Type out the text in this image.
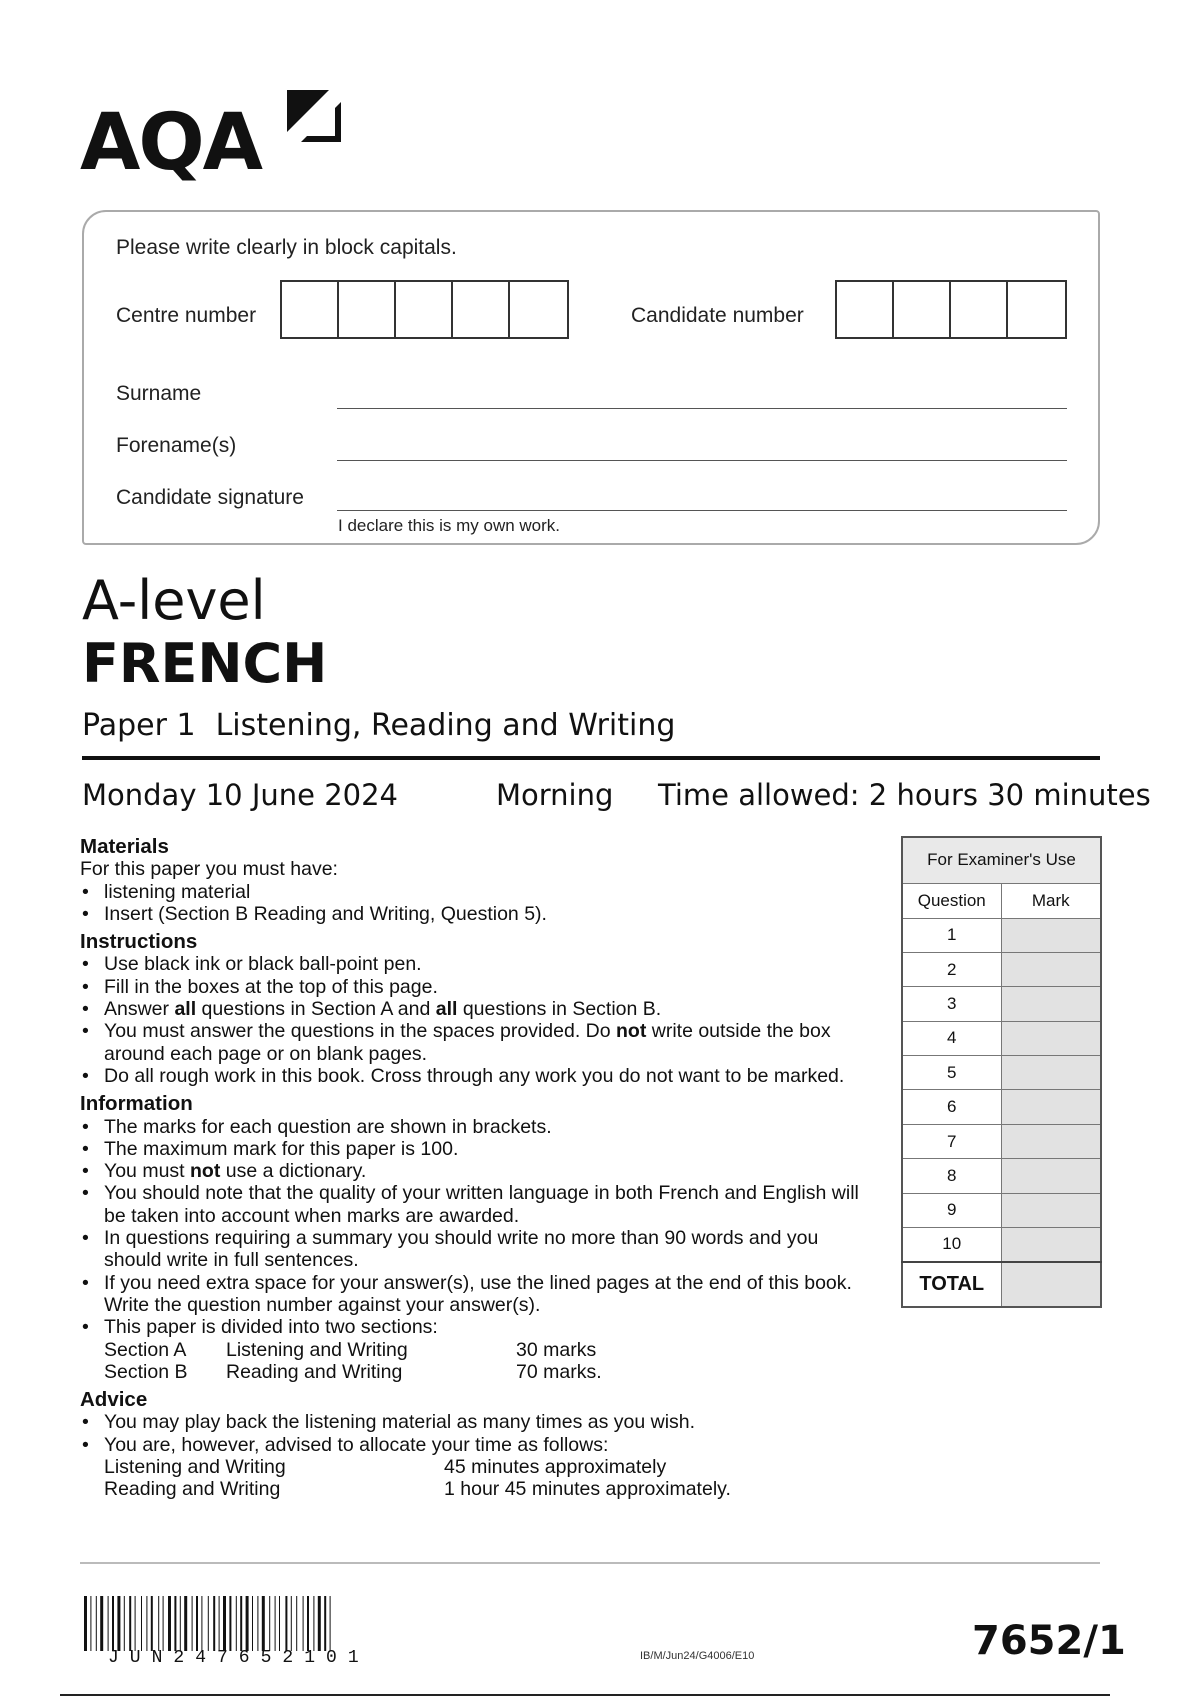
AQA
Please write clearly in block capitals.
Centre number	Candidate number
Surname
Forename(s)
Candidate signature
I declare this is my own work.
A-level
FRENCH
Paper 1 Listening, Reading and Writing
Monday 10 June 2024	Morning Time allowed: 2 hours 30 minutes
Materials
For this paper you must have:
• listening material
• Insert (Section B Reading and Writing, Question 5).
Instructions
• Use black ink or black ball-point pen.
• Fill in the boxes at the top of this page.
• Answer all questions in Section A and all questions in Section B.
• You must answer the questions in the spaces provided. Do not write outside the box around each page or on blank pages.
• Do all rough work in this book. Cross through any work you do not want to be marked.
Information
• The marks for each question are shown in brackets.
• The maximum mark for this paper is 100.
• You must not use a dictionary.
• You should note that the quality of your written language in both French and English will be taken into account when marks are awarded.
• In questions requiring a summary you should write no more than 90 words and you should write in full sentences.
• If you need extra space for your answer(s), use the lined pages at the end of this book. Write the question number against your answer(s).
• This paper is divided into two sections:
Section A	Listening and Writing	30 marks
Section B	Reading and Writing	70 marks.
Advice
• You may play back the listening material as many times as you wish.
• You are, however, advised to allocate your time as follows:
Listening and Writing	45 minutes approximately
Reading and Writing	1 hour 45 minutes approximately.
For Examiner's Use	
Question	Mark
1	
2	
3	
4	
5	
6	
7	
8	
9	
10	
TOTAL	
JUN247652101	IB/M/Jun24/G4006/E10	7652/1
